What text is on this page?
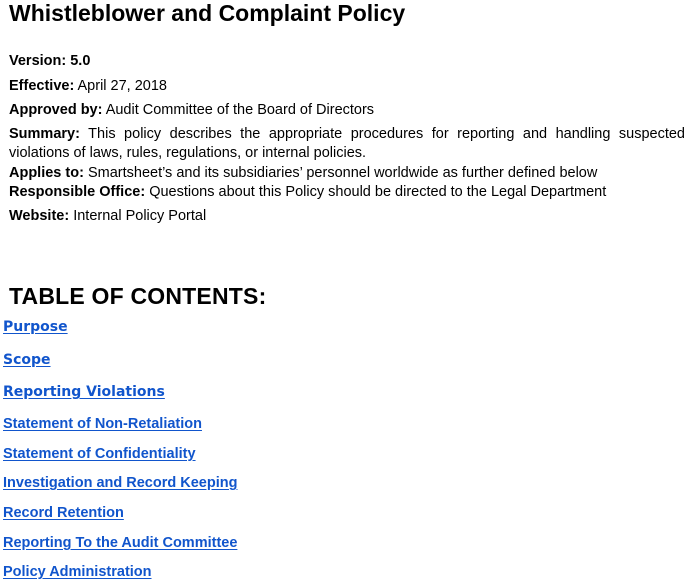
Whistleblower and Complaint Policy

Version: 5.0

Effective: April 27, 2018

Approved by: Audit Committee of the Board of Directors

Summary: This policy describes the appropriate procedures for reporting and handling suspected violations of laws, rules, regulations, or internal policies.

Applies to: Smartsheet’s and its subsidiaries’ personnel worldwide as further defined below

Responsible Office: Questions about this Policy should be directed to the Legal Department

Website: Internal Policy Portal

TABLE OF CONTENTS:
Purpose
Scope
Reporting Violations
Statement of Non-Retaliation
Statement of Confidentiality
Investigation and Record Keeping
Record Retention
Reporting To the Audit Committee
Policy Administration
